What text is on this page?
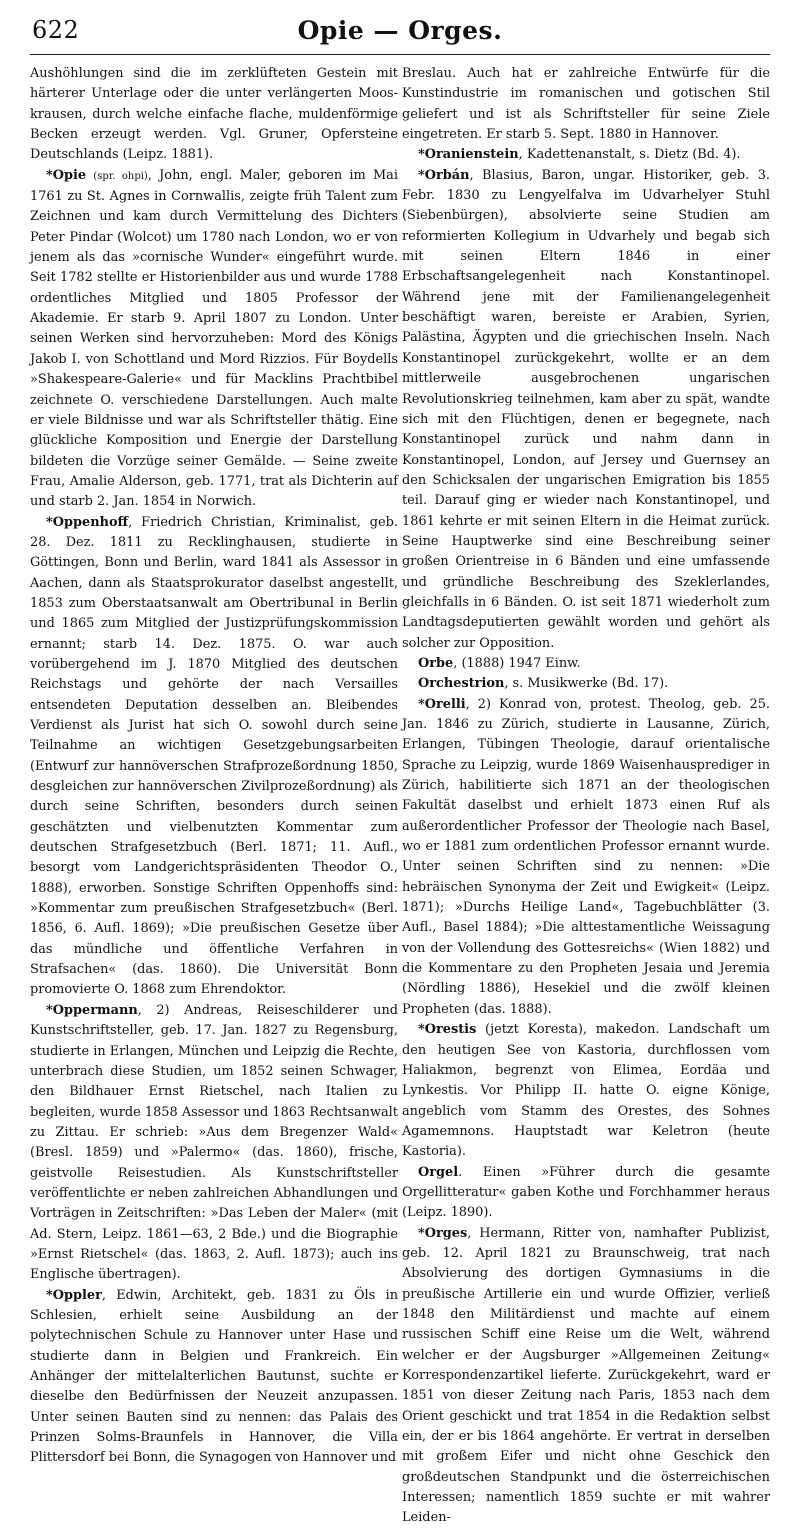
622	Opie — Orges.

Aushöhlungen sind die im zerklüfteten Gestein mit härterer Unterlage oder die unter verlängerten Mooskrausen, durch welche einfache flache, muldenförmige Becken erzeugt werden. Vgl. Gruner, Opfersteine Deutschlands (Leipz. 1881).

*Opie (spr. ohpi), John, engl. Maler, geboren im Mai 1761 zu St. Agnes in Cornwallis, zeigte früh Talent zum Zeichnen und kam durch Vermittelung des Dichters Peter Pindar (Wolcot) um 1780 nach London, wo er von jenem als das »cornische Wunder« eingeführt wurde. Seit 1782 stellte er Historienbilder aus und wurde 1788 ordentliches Mitglied und 1805 Professor der Akademie. Er starb 9. April 1807 zu London. Unter seinen Werken sind hervorzuheben: Mord des Königs Jakob I. von Schottland und Mord Rizzios. Für Boydells »Shakespeare-Galerie« und für Macklins Prachtbibel zeichnete O. verschiedene Darstellungen. Auch malte er viele Bildnisse und war als Schriftsteller thätig. Eine glückliche Komposition und Energie der Darstellung bildeten die Vorzüge seiner Gemälde. — Seine zweite Frau, Amalie Alderson, geb. 1771, trat als Dichterin auf und starb 2. Jan. 1854 in Norwich.

*Oppenhoff, Friedrich Christian, Kriminalist, geb. 28. Dez. 1811 zu Recklinghausen, studierte in Göttingen, Bonn und Berlin, ward 1841 als Assessor in Aachen, dann als Staatsprokurator daselbst angestellt, 1853 zum Oberstaatsanwalt am Obertribunal in Berlin und 1865 zum Mitglied der Justizprüfungskommission ernannt; starb 14. Dez. 1875. O. war auch vorübergehend im J. 1870 Mitglied des deutschen Reichstags und gehörte der nach Versailles entsendeten Deputation desselben an. Bleibendes Verdienst als Jurist hat sich O. sowohl durch seine Teilnahme an wichtigen Gesetzgebungsarbeiten (Entwurf zur hannöverschen Strafprozeßordnung 1850, desgleichen zur hannöverschen Zivilprozeßordnung) als durch seine Schriften, besonders durch seinen geschätzten und vielbenutzten Kommentar zum deutschen Strafgesetzbuch (Berl. 1871; 11. Aufl., besorgt vom Landgerichtspräsidenten Theodor O., 1888), erworben. Sonstige Schriften Oppenhoffs sind: »Kommentar zum preußischen Strafgesetzbuch« (Berl. 1856, 6. Aufl. 1869); »Die preußischen Gesetze über das mündliche und öffentliche Verfahren in Strafsachen« (das. 1860). Die Universität Bonn promovierte O. 1868 zum Ehrendoktor.

*Oppermann, 2) Andreas, Reiseschilderer und Kunstschriftsteller, geb. 17. Jan. 1827 zu Regensburg, studierte in Erlangen, München und Leipzig die Rechte, unterbrach diese Studien, um 1852 seinen Schwager, den Bildhauer Ernst Rietschel, nach Italien zu begleiten, wurde 1858 Assessor und 1863 Rechtsanwalt zu Zittau. Er schrieb: »Aus dem Bregenzer Wald« (Bresl. 1859) und »Palermo« (das. 1860), frische, geistvolle Reisestudien. Als Kunstschriftsteller veröffentlichte er neben zahlreichen Abhandlungen und Vorträgen in Zeitschriften: »Das Leben der Maler« (mit Ad. Stern, Leipz. 1861—63, 2 Bde.) und die Biographie »Ernst Rietschel« (das. 1863, 2. Aufl. 1873); auch ins Englische übertragen).

*Oppler, Edwin, Architekt, geb. 1831 zu Öls in Schlesien, erhielt seine Ausbildung an der polytechnischen Schule zu Hannover unter Hase und studierte dann in Belgien und Frankreich. Ein Anhänger der mittelalterlichen Bautunst, suchte er dieselbe den Bedürfnissen der Neuzeit anzupassen. Unter seinen Bauten sind zu nennen: das Palais des Prinzen Solms-Braunfels in Hannover, die Villa Plittersdorf bei Bonn, die Synagogen von Hannover und

Breslau. Auch hat er zahlreiche Entwürfe für die Kunstindustrie im romanischen und gotischen Stil geliefert und ist als Schriftsteller für seine Ziele eingetreten. Er starb 5. Sept. 1880 in Hannover.

*Oranienstein, Kadettenanstalt, s. Dietz (Bd. 4).

*Orbán, Blasius, Baron, ungar. Historiker, geb. 3. Febr. 1830 zu Lengyelfalva im Udvarhelyer Stuhl (Siebenbürgen), absolvierte seine Studien am reformierten Kollegium in Udvarhely und begab sich mit seinen Eltern 1846 in einer Erbschaftsangelegenheit nach Konstantinopel. Während jene mit der Familienangelegenheit beschäftigt waren, bereiste er Arabien, Syrien, Palästina, Ägypten und die griechischen Inseln. Nach Konstantinopel zurückgekehrt, wollte er an dem mittlerweile ausgebrochenen ungarischen Revolutionskrieg teilnehmen, kam aber zu spät, wandte sich mit den Flüchtigen, denen er begegnete, nach Konstantinopel zurück und nahm dann in Konstantinopel, London, auf Jersey und Guernsey an den Schicksalen der ungarischen Emigration bis 1855 teil. Darauf ging er wieder nach Konstantinopel, und 1861 kehrte er mit seinen Eltern in die Heimat zurück. Seine Hauptwerke sind eine Beschreibung seiner großen Orientreise in 6 Bänden und eine umfassende und gründliche Beschreibung des Szeklerlandes, gleichfalls in 6 Bänden. O. ist seit 1871 wiederholt zum Landtagsdeputierten gewählt worden und gehört als solcher zur Opposition.

Orbe, (1888) 1947 Einw.

Orchestrion, s. Musikwerke (Bd. 17).

*Orelli, 2) Konrad von, protest. Theolog, geb. 25. Jan. 1846 zu Zürich, studierte in Lausanne, Zürich, Erlangen, Tübingen Theologie, darauf orientalische Sprache zu Leipzig, wurde 1869 Waisenhausprediger in Zürich, habilitierte sich 1871 an der theologischen Fakultät daselbst und erhielt 1873 einen Ruf als außerordentlicher Professor der Theologie nach Basel, wo er 1881 zum ordentlichen Professor ernannt wurde. Unter seinen Schriften sind zu nennen: »Die hebräischen Synonyma der Zeit und Ewigkeit« (Leipz. 1871); »Durchs Heilige Land«, Tagebuchblätter (3. Aufl., Basel 1884); »Die alttestamentliche Weissagung von der Vollendung des Gottesreichs« (Wien 1882) und die Kommentare zu den Propheten Jesaia und Jeremia (Nördling 1886), Hesekiel und die zwölf kleinen Propheten (das. 1888).

*Orestis (jetzt Koresta), makedon. Landschaft um den heutigen See von Kastoria, durchflossen vom Haliakmon, begrenzt von Elimea, Eordäa und Lynkestis. Vor Philipp II. hatte O. eigne Könige, angeblich vom Stamm des Orestes, des Sohnes Agamemnons. Hauptstadt war Keletron (heute Kastoria).

Orgel. Einen »Führer durch die gesamte Orgellitteratur« gaben Kothe und Forchhammer heraus (Leipz. 1890).

*Orges, Hermann, Ritter von, namhafter Publizist, geb. 12. April 1821 zu Braunschweig, trat nach Absolvierung des dortigen Gymnasiums in die preußische Artillerie ein und wurde Offizier, verließ 1848 den Militärdienst und machte auf einem russischen Schiff eine Reise um die Welt, während welcher er der Augsburger »Allgemeinen Zeitung« Korrespondenzartikel lieferte. Zurückgekehrt, ward er 1851 von dieser Zeitung nach Paris, 1853 nach dem Orient geschickt und trat 1854 in die Redaktion selbst ein, der er bis 1864 angehörte. Er vertrat in derselben mit großem Eifer und nicht ohne Geschick den großdeutschen Standpunkt und die österreichischen Interessen; namentlich 1859 suchte er mit wahrer Leiden-
